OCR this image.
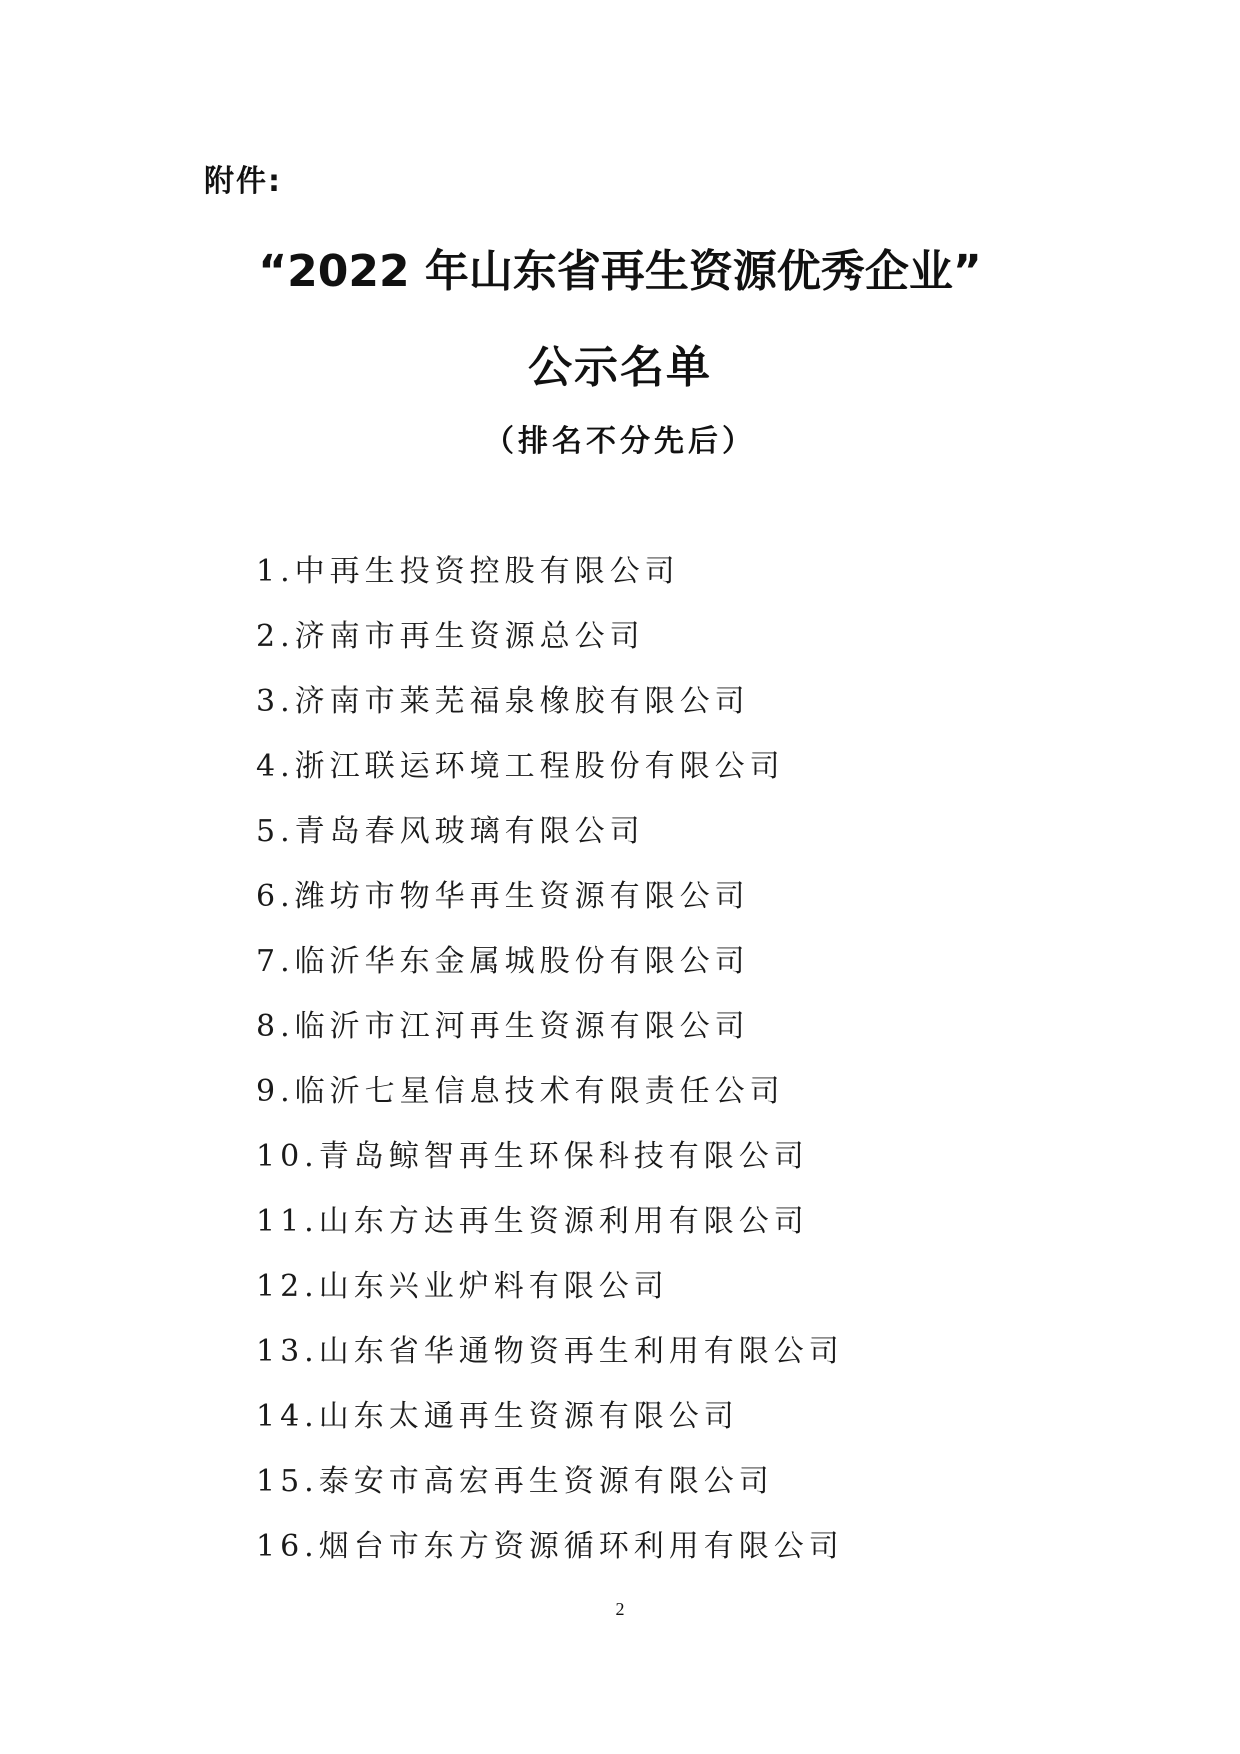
附件:
“2022 年山东省再生资源优秀企业”
公示名单
（排名不分先后）
1.中再生投资控股有限公司
2.济南市再生资源总公司
3.济南市莱芜福泉橡胶有限公司
4.浙江联运环境工程股份有限公司
5.青岛春风玻璃有限公司
6.潍坊市物华再生资源有限公司
7.临沂华东金属城股份有限公司
8.临沂市江河再生资源有限公司
9.临沂七星信息技术有限责任公司
10.青岛鲸智再生环保科技有限公司
11.山东方达再生资源利用有限公司
12.山东兴业炉料有限公司
13.山东省华通物资再生利用有限公司
14.山东太通再生资源有限公司
15.泰安市高宏再生资源有限公司
16.烟台市东方资源循环利用有限公司
2
